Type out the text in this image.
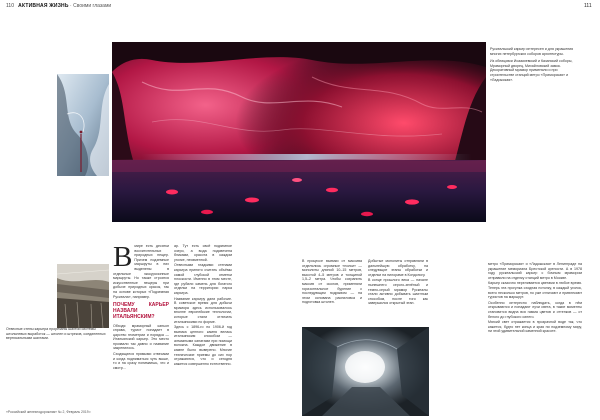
110 АКТИВНАЯ ЖИЗНЬ · Своими глазами	111

Отвесные стены карьера прорезаны шахтой системы штольневых выработок — штолен и штреков, соединенных вертикальными шахтами.

Рускеальский карьер интересен и для украшения многих петербургских соборов архитектуры.

Из облицовки Исаакиевский и Казанский соборы, Мраморный дворец, Михайловский замок. Декоративный мрамор применяли и при строительстве станций метро «Приморская» и «Ладожская».

В мире есть десятки восхитительных природных пещер. Причем подземные маршруты в них выделены в отдельные экскурсионные маршруты. Но также строятся искусственные пещеры при добыче природных красок, так на основе которых «Подземная Рускеала», например.

ПОЧЕМУ КАРЬЕР НАЗВАЛИ ИТАЛЬЯНСКИМ?

Обходя мраморный каньон справа, турист попадает в царство геометрии и порядка — Итальянский карьер. Это место прозвали так давно и название закрепилось.

Сходящиеся прямыми отвесами и когда подниматься чуть выше, то и на сразу понимаешь, что и смотр...

ар. Тут есть своё подземное озеро, а вода подсвечена бликами, красота в каждом уголке, неизменной.

Отвесными гладкими стенами карьера принято считать объёмы самой глубокой отметки плоскости. Именно в этом месте, где рубили камень для богатого отделки на территории парка карьера.

Название карьеру дали рабочие. В советское время для добычи мрамора здесь использовалось вполне европейские технологии, которые стали отличать итальянскими по форме.

Здесь с 1896-го по 1906-й год выемка ценного камня велась итальянским способом — алмазными канатами при помощи волокна. Каждое движение в камне было выверено. Многие технические приемы до сих пор отражаются, что и сегодня кажется совершенно естественно.

В процессе выемки от массива отделялись огромные «полки» — монолиты длиной 10–15 метров, высотой 4–5 метров и толщиной 1,5–2 метра. Чтобы сохранить массив от сколов, применяли горизонтальное бурение с последующим подрывом — на этом основана распиловка и подготовка штолен.

Добытые монолиты отправляли в дальнейшую обработку, на следующие этапы обработки и отделки на пилораме в Кондопогу.

В конце прошлого века — начале нынешнего серого-зелёный и темно-серый мрамор Рускеалы стали активно добывать шахтным способом, после того как завершился открытый этап.

метро «Приморская» и «Ладожская» в Ленинграде на украшение мемориала Брестской крепости. А в 1978 году рускеальский карьер с бочным мрамором отправили на отделку станций метро в Москве.

Карьер сказочно переливается цветами в любое время. Теперь эта прогулка сходная потолку, в каждый уголок, всего несколько метров, но уже отличают и привлекают туристов на маршрут.

Особенно интересно наблюдать, когда в нём открываются и попадают лучи света, в такие моменты становится видна вся гамма цветов и оттенков — от белого до глубокого синего.

Мягкий свет отражается в прозрачной воде так, что кажется, будто нет конца и края ни подземному миру, ни этой удивительной каменной красоте.

«Российский железнодорожник» № 2, Февраль 2019 г.
